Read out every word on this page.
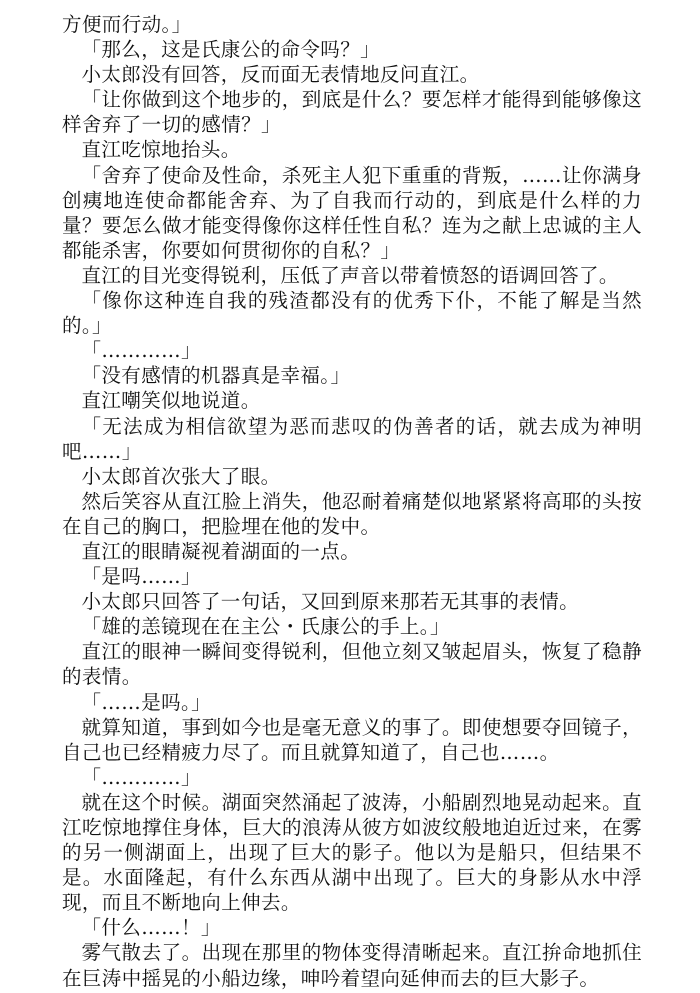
方便而行动。」

「那么，这是氏康公的命令吗？」

小太郎没有回答，反而面无表情地反问直江。

「让你做到这个地步的，到底是什么？要怎样才能得到能够像这样舍弃了一切的感情？」

直江吃惊地抬头。

「舍弃了使命及性命，杀死主人犯下重重的背叛，……让你满身创痍地连使命都能舍弃、为了自我而行动的，到底是什么样的力量？要怎么做才能变得像你这样任性自私？连为之献上忠诚的主人都能杀害，你要如何贯彻你的自私？」

直江的目光变得锐利，压低了声音以带着愤怒的语调回答了。

「像你这种连自我的残渣都没有的优秀下仆，不能了解是当然的。」

「…………」

「没有感情的机器真是幸福。」

直江嘲笑似地说道。

「无法成为相信欲望为恶而悲叹的伪善者的话，就去成为神明吧……」

小太郎首次张大了眼。

然后笑容从直江脸上消失，他忍耐着痛楚似地紧紧将高耶的头按在自己的胸口，把脸埋在他的发中。

直江的眼睛凝视着湖面的一点。

「是吗……」

小太郎只回答了一句话，又回到原来那若无其事的表情。

「雄的恙镜现在在主公・氏康公的手上。」

直江的眼神一瞬间变得锐利，但他立刻又皱起眉头，恢复了稳静的表情。

「……是吗。」

就算知道，事到如今也是毫无意义的事了。即使想要夺回镜子，自己也已经精疲力尽了。而且就算知道了，自己也……。

「…………」

就在这个时候。湖面突然涌起了波涛，小船剧烈地晃动起来。直江吃惊地撑住身体，巨大的浪涛从彼方如波纹般地迫近过来，在雾的另一侧湖面上，出现了巨大的影子。他以为是船只，但结果不是。水面隆起，有什么东西从湖中出现了。巨大的身影从水中浮现，而且不断地向上伸去。

「什么……！」

雾气散去了。出现在那里的物体变得清晰起来。直江拚命地抓住在巨涛中摇晃的小船边缘，呻吟着望向延伸而去的巨大影子。
